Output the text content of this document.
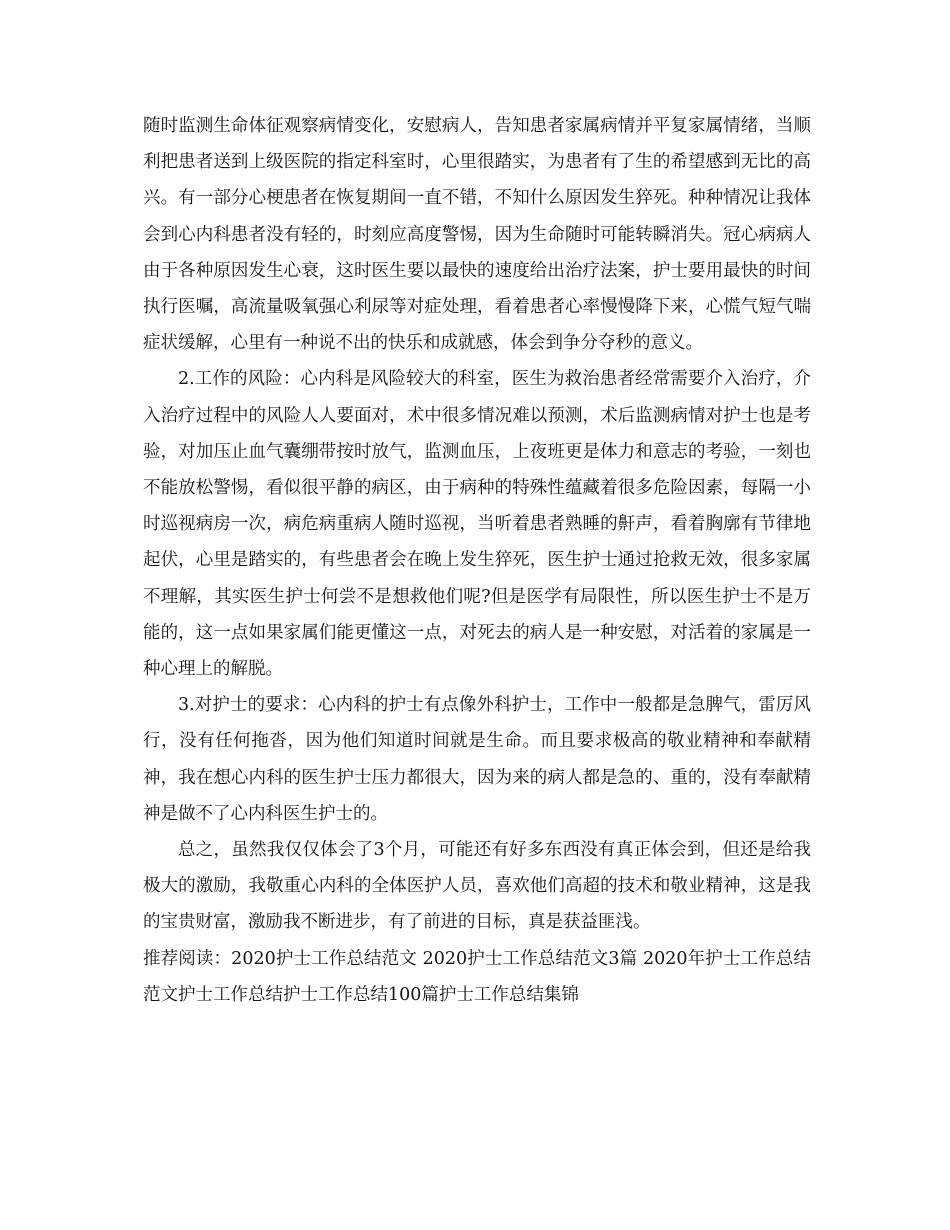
随时监测生命体征观察病情变化，安慰病人，告知患者家属病情并平复家属情绪，当顺利把患者送到上级医院的指定科室时，心里很踏实，为患者有了生的希望感到无比的高兴。有一部分心梗患者在恢复期间一直不错，不知什么原因发生猝死。种种情况让我体会到心内科患者没有轻的，时刻应高度警惕，因为生命随时可能转瞬消失。冠心病病人由于各种原因发生心衰，这时医生要以最快的速度给出治疗法案，护士要用最快的时间执行医嘱，高流量吸氧强心利尿等对症处理，看着患者心率慢慢降下来，心慌气短气喘症状缓解，心里有一种说不出的快乐和成就感，体会到争分夺秒的意义。

2.工作的风险：心内科是风险较大的科室，医生为救治患者经常需要介入治疗，介入治疗过程中的风险人人要面对，术中很多情况难以预测，术后监测病情对护士也是考验，对加压止血气囊绷带按时放气，监测血压，上夜班更是体力和意志的考验，一刻也不能放松警惕，看似很平静的病区，由于病种的特殊性蕴藏着很多危险因素，每隔一小时巡视病房一次，病危病重病人随时巡视，当听着患者熟睡的鼾声，看着胸廓有节律地起伏，心里是踏实的，有些患者会在晚上发生猝死，医生护士通过抢救无效，很多家属不理解，其实医生护士何尝不是想救他们呢?但是医学有局限性，所以医生护士不是万能的，这一点如果家属们能更懂这一点，对死去的病人是一种安慰，对活着的家属是一种心理上的解脱。

3.对护士的要求：心内科的护士有点像外科护士，工作中一般都是急脾气，雷厉风行，没有任何拖沓，因为他们知道时间就是生命。而且要求极高的敬业精神和奉献精神，我在想心内科的医生护士压力都很大，因为来的病人都是急的、重的，没有奉献精神是做不了心内科医生护士的。

总之，虽然我仅仅体会了3个月，可能还有好多东西没有真正体会到，但还是给我极大的激励，我敬重心内科的全体医护人员，喜欢他们高超的技术和敬业精神，这是我的宝贵财富，激励我不断进步，有了前进的目标，真是获益匪浅。

推荐阅读：2020护士工作总结范文 2020护士工作总结范文3篇 2020年护士工作总结范文护士工作总结护士工作总结100篇护士工作总结集锦
